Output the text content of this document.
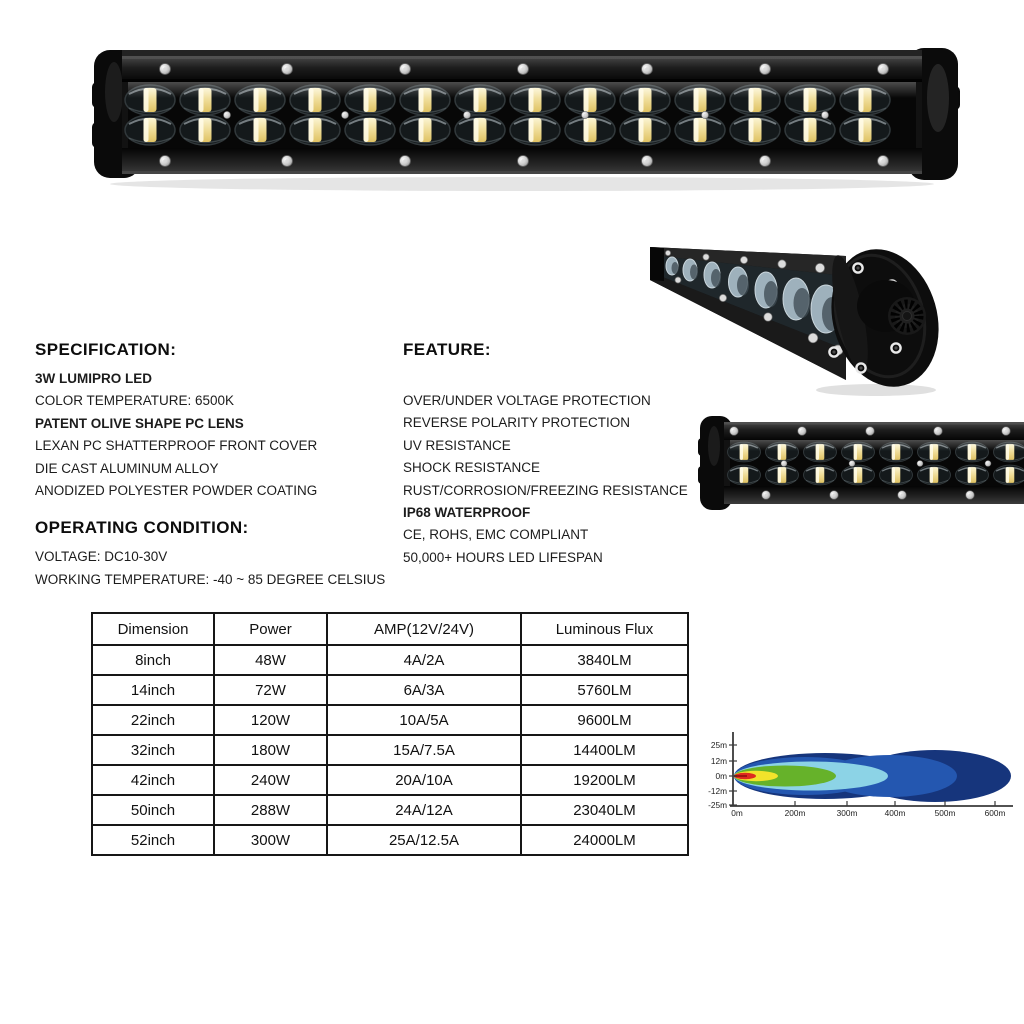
SPECIFICATION:
3W LUMIPRO LED
COLOR TEMPERATURE: 6500K
PATENT OLIVE SHAPE PC LENS
LEXAN PC SHATTERPROOF FRONT COVER
DIE CAST ALUMINUM ALLOY
ANODIZED POLYESTER POWDER COATING
OPERATING CONDITION:
VOLTAGE: DC10-30V
WORKING TEMPERATURE: -40 ~ 85 DEGREE CELSIUS
FEATURE:
OVER/UNDER VOLTAGE PROTECTION
REVERSE POLARITY PROTECTION
UV RESISTANCE
SHOCK RESISTANCE
RUST/CORROSION/FREEZING RESISTANCE
IP68 WATERPROOF
CE, ROHS, EMC COMPLIANT
50,000+ HOURS LED LIFESPAN
Dimension	Power	AMP(12V/24V)	Luminous Flux
8inch	48W	4A/2A	3840LM
14inch	72W	6A/3A	5760LM
22inch	120W	10A/5A	9600LM
32inch	180W	15A/7.5A	14400LM
42inch	240W	20A/10A	19200LM
50inch	288W	24A/12A	23040LM
52inch	300W	25A/12.5A	24000LM
25m
12m
0m
-12m
-25m
0m	200m	300m	400m	500m	600m
